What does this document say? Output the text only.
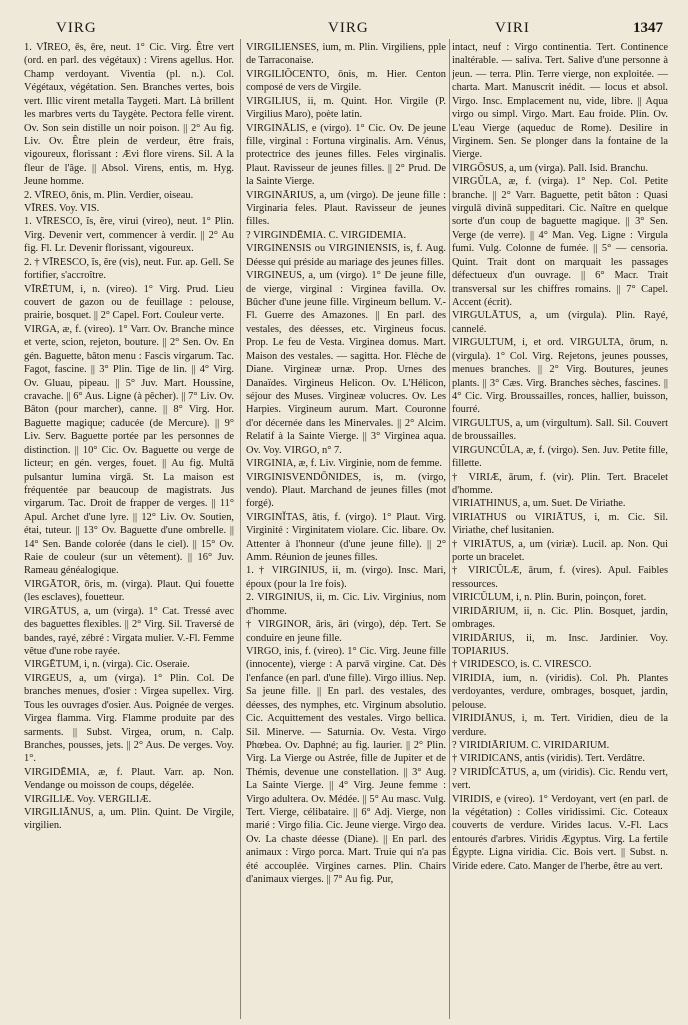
VIRG	VIRG	VIRI	1347

1. VĪREO, ēs, ēre, neut. 1° Cic. Virg. Être vert (ord. en parl. des végétaux) : Virens agellus. Hor. Champ verdoyant. Viventia (pl. n.). Col. Végétaux, végétation. Sen. Branches vertes, bois vert. Illic virent metalla Taygeti. Mart. Là brillent les marbres verts du Taygète. Pectora felle virent. Ov. Son sein distille un noir poison. || 2° Au fig. Liv. Ov. Être plein de verdeur, être frais, vigoureux, florissant : Ævi flore virens. Sil. A la fleur de l'âge. || Absol. Virens, entis, m. Hyg. Jeune homme.

2. VĪREO, ōnis, m. Plin. Verdier, oiseau.

VĪRES. Voy. VIS.

1. VĪRESCO, ĭs, ĕre, virui (vireo), neut. 1° Plin. Virg. Devenir vert, commencer à verdir. || 2° Au fig. Fl. Lr. Devenir florissant, vigoureux.

2. † VĪRESCO, ĭs, ĕre (vis), neut. Fur. ap. Gell. Se fortifier, s'accroître.

VĪRĒTUM, i, n. (vireo). 1° Virg. Prud. Lieu couvert de gazon ou de feuillage : pelouse, prairie, bosquet. || 2° Capel. Fort. Couleur verte.

VIRGA, æ, f. (vireo). 1° Varr. Ov. Branche mince et verte, scion, rejeton, bouture. || 2° Sen. Ov. En gén. Baguette, bâton menu : Fascis virgarum. Tac. Fagot, fascine. || 3° Plin. Tige de lin. || 4° Virg. Ov. Gluau, pipeau. || 5° Juv. Mart. Houssine, cravache. || 6° Aus. Ligne (à pêcher). || 7° Liv. Ov. Bâton (pour marcher), canne. || 8° Virg. Hor. Baguette magique; caducée (de Mercure). || 9° Liv. Serv. Baguette portée par les personnes de distinction. || 10° Cic. Ov. Baguette ou verge de licteur; en gén. verges, fouet. || Au fig. Multā pulsantur lumina virgā. St. La maison est fréquentée par beaucoup de magistrats. Jus virgarum. Tac. Droit de frapper de verges. || 11° Apul. Archet d'une lyre. || 12° Liv. Ov. Soutien, étai, tuteur. || 13° Ov. Baguette d'une ombrelle. || 14° Sen. Bande colorée (dans le ciel). || 15° Ov. Raie de couleur (sur un vêtement). || 16° Juv. Rameau généalogique.

VIRGĀTOR, ōris, m. (virga). Plaut. Qui fouette (les esclaves), fouetteur.

VIRGĀTUS, a, um (virga). 1° Cat. Tressé avec des baguettes flexibles. || 2° Virg. Sil. Traversé de bandes, rayé, zébré : Virgata mulier. V.-Fl. Femme vêtue d'une robe rayée.

VIRGĒTUM, i, n. (virga). Cic. Oseraie.

VIRGEUS, a, um (virga). 1° Plin. Col. De branches menues, d'osier : Virgea supellex. Virg. Tous les ouvrages d'osier. Aus. Poignée de verges. Virgea flamma. Virg. Flamme produite par des sarments. || Subst. Virgea, orum, n. Calp. Branches, pousses, jets. || 2° Aus. De verges. Voy. 1°.

VIRGIDĒMIA, æ, f. Plaut. Varr. ap. Non. Vendange ou moisson de coups, dégelée.

VIRGILIÆ. Voy. VERGILIÆ.

VIRGILIĀNUS, a, um. Plin. Quint. De Virgile, virgilien.

VIRGILIENSES, ium, m. Plin. Virgiliens, pple de Tarraconaise.

VIRGILIŎCENTO, ōnis, m. Hier. Centon composé de vers de Virgile.

VIRGILIUS, ii, m. Quint. Hor. Virgile (P. Virgilius Maro), poète latin.

VIRGINĀLIS, e (virgo). 1° Cic. Ov. De jeune fille, virginal : Fortuna virginalis. Arn. Vénus, protectrice des jeunes filles. Feles virginalis. Plaut. Ravisseur de jeunes filles. || 2° Prud. De la Sainte Vierge.

VIRGINĀRIUS, a, um (virgo). De jeune fille : Virginaria feles. Plaut. Ravisseur de jeunes filles.

? VIRGINDĒMIA. C. VIRGIDEMIA.

VIRGINENSIS ou VIRGINIENSIS, is, f. Aug. Déesse qui préside au mariage des jeunes filles.

VIRGINEUS, a, um (virgo). 1° De jeune fille, de vierge, virginal : Virginea favilla. Ov. Bûcher d'une jeune fille. Virgineum bellum. V.-Fl. Guerre des Amazones. || En parl. des vestales, des déesses, etc. Virgineus focus. Prop. Le feu de Vesta. Virginea domus. Mart. Maison des vestales. — sagitta. Hor. Flèche de Diane. Virgineæ urnæ. Prop. Urnes des Danaïdes. Virgineus Helicon. Ov. L'Hélicon, séjour des Muses. Virgineæ volucres. Ov. Les Harpies. Virgineum aurum. Mart. Couronne d'or décernée dans les Minervales. || 2° Alcim. Relatif à la Sainte Vierge. || 3° Virginea aqua. Ov. Voy. VIRGO, n° 7.

VIRGINIA, æ, f. Liv. Virginie, nom de femme.

VIRGINISVENDŌNIDES, is, m. (virgo, vendo). Plaut. Marchand de jeunes filles (mot forgé).

VIRGINĬTAS, ātis, f. (virgo). 1° Plaut. Virg. Virginité : Virginitatem violare. Cic. libare. Ov. Attenter à l'honneur (d'une jeune fille). || 2° Amm. Réunion de jeunes filles.

1. † VIRGINIUS, ii, m. (virgo). Insc. Mari, époux (pour la 1re fois).

2. VIRGINIUS, ii, m. Cic. Liv. Virginius, nom d'homme.

† VIRGINOR, āris, āri (virgo), dép. Tert. Se conduire en jeune fille.

VIRGO, inis, f. (vireo). 1° Cic. Virg. Jeune fille (innocente), vierge : A parvā virgine. Cat. Dès l'enfance (en parl. d'une fille). Virgo illius. Nep. Sa jeune fille. || En parl. des vestales, des déesses, des nymphes, etc. Virginum absolutio. Cic. Acquittement des vestales. Virgo bellica. Sil. Minerve. — Saturnia. Ov. Vesta. Virgo Phœbea. Ov. Daphné; au fig. laurier. || 2° Plin. Virg. La Vierge ou Astrée, fille de Jupiter et de Thémis, devenue une constellation. || 3° Aug. La Sainte Vierge. || 4° Virg. Jeune femme : Virgo adultera. Ov. Médée. || 5° Au masc. Vulg. Tert. Vierge, célibataire. || 6° Adj. Vierge, non marié : Virgo filia. Cic. Jeune vierge. Virgo dea. Ov. La chaste déesse (Diane). || En parl. des animaux : Virgo porca. Mart. Truie qui n'a pas été accouplée. Virgines carnes. Plin. Chairs d'animaux vierges. || 7° Au fig. Pur,

intact, neuf : Virgo continentia. Tert. Continence inaltérable. — saliva. Tert. Salive d'une personne à jeun. — terra. Plin. Terre vierge, non exploitée. — charta. Mart. Manuscrit inédit. — locus et absol. Virgo. Insc. Emplacement nu, vide, libre. || Aqua virgo ou simpl. Virgo. Mart. Eau froide. Plin. Ov. L'eau Vierge (aqueduc de Rome). Desilire in Virginem. Sen. Se plonger dans la fontaine de la Vierge.

VIRGŌSUS, a, um (virga). Pall. Isid. Branchu.

VIRGŬLA, æ, f. (virga). 1° Nep. Col. Petite branche. || 2° Varr. Baguette, petit bâton : Quasi virgulā divinā suppeditari. Cic. Naître en quelque sorte d'un coup de baguette magique. || 3° Sen. Verge (de verre). || 4° Man. Veg. Ligne : Virgula fumi. Vulg. Colonne de fumée. || 5° — censoria. Quint. Trait dont on marquait les passages défectueux d'un ouvrage. || 6° Macr. Trait transversal sur les chiffres romains. || 7° Capel. Accent (écrit).

VIRGULĀTUS, a, um (virgula). Plin. Rayé, cannelé.

VIRGULTUM, i, et ord. VIRGULTA, ōrum, n. (virgula). 1° Col. Virg. Rejetons, jeunes pousses, menues branches. || 2° Virg. Boutures, jeunes plants. || 3° Cæs. Virg. Branches sèches, fascines. || 4° Cic. Virg. Broussailles, ronces, hallier, buisson, fourré.

VIRGULTUS, a, um (virgultum). Sall. Sil. Couvert de broussailles.

VIRGUNCŬLA, æ, f. (virgo). Sen. Juv. Petite fille, fillette.

† VIRIÆ, ārum, f. (vir). Plin. Tert. Bracelet d'homme.

VIRIATHINUS, a, um. Suet. De Viriathe.

VIRIATHUS ou VIRIĀTUS, i, m. Cic. Sil. Viriathe, chef lusitanien.

† VIRIĀTUS, a, um (viriæ). Lucil. ap. Non. Qui porte un bracelet.

† VIRICŬLÆ, ārum, f. (vires). Apul. Faibles ressources.

VIRICŬLUM, i, n. Plin. Burin, poinçon, foret.

VIRIDĀRIUM, ii, n. Cic. Plin. Bosquet, jardin, ombrages.

VIRIDĀRIUS, ii, m. Insc. Jardinier. Voy. TOPIARIUS.

† VIRIDESCO, is. C. VIRESCO.

VIRIDIA, ium, n. (viridis). Col. Ph. Plantes verdoyantes, verdure, ombrages, bosquet, jardin, pelouse.

VIRIDIĀNUS, i, m. Tert. Viridien, dieu de la verdure.

? VIRIDIĀRIUM. C. VIRIDARIUM.

† VIRIDICANS, antis (viridis). Tert. Verdâtre.

? VIRIDĬCĀTUS, a, um (viridis). Cic. Rendu vert, vert.

VIRIDIS, e (vireo). 1° Verdoyant, vert (en parl. de la végétation) : Colles viridissimi. Cic. Coteaux couverts de verdure. Virides lacus. V.-Fl. Lacs entourés d'arbres. Viridis Ægyptus. Virg. La fertile Égypte. Ligna viridia. Cic. Bois vert. || Subst. n. Viride edere. Cato. Manger de l'herbe, être au vert.
